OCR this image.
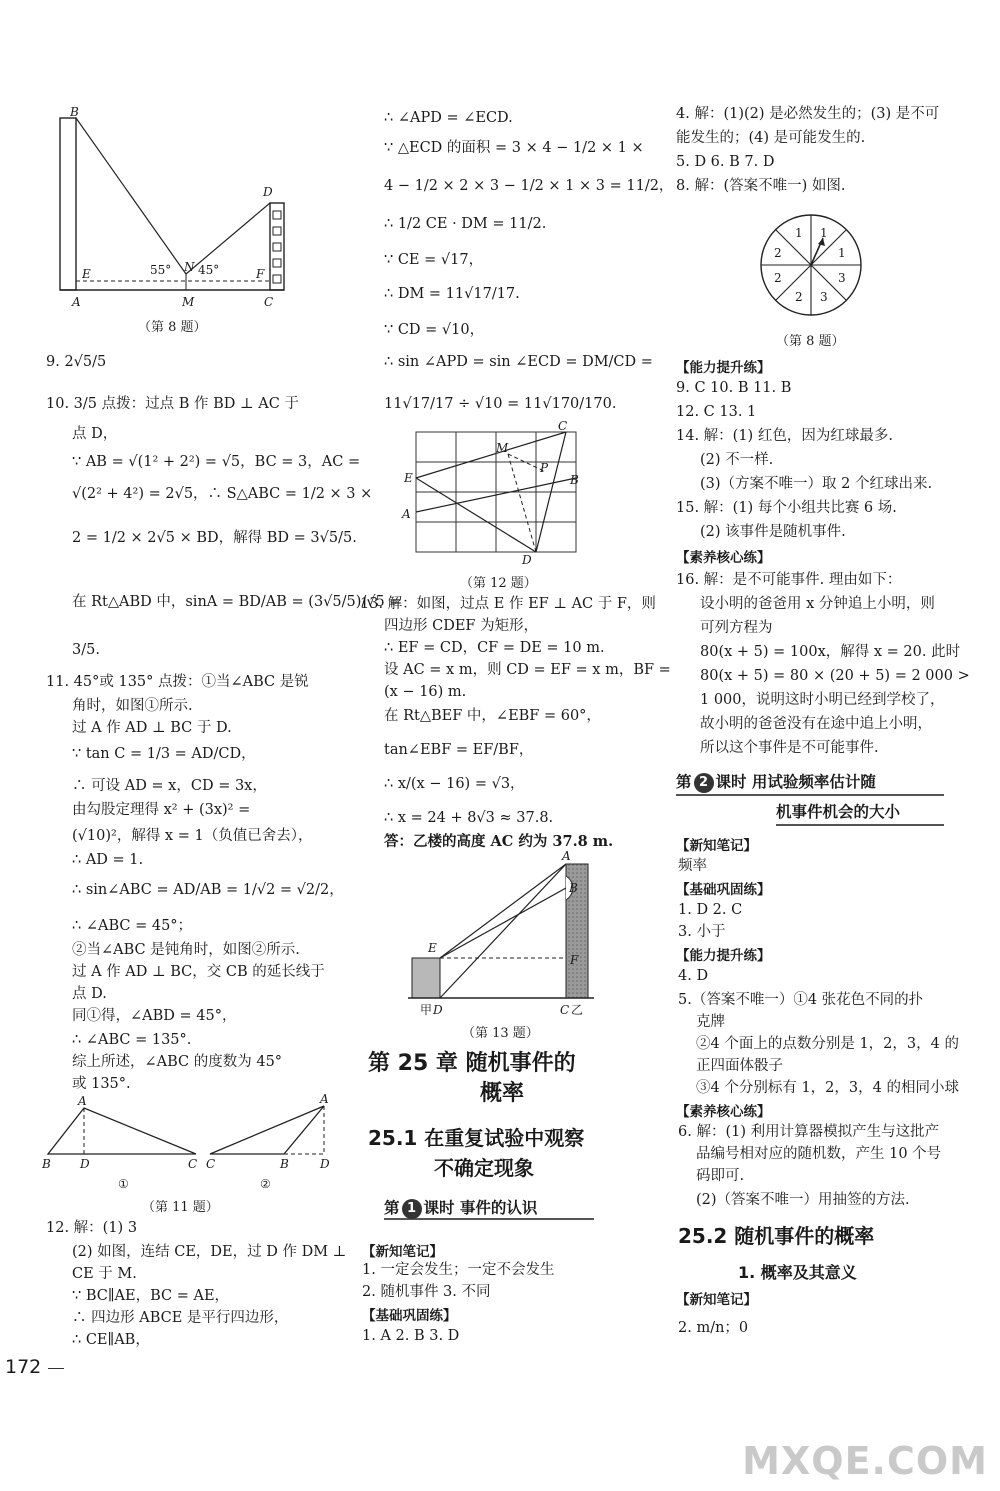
B
D
E	F
N
55° 45°
A	M	C
（第 8 题）
9. 2√5/5
10. 3/5 点拨：过点 B 作 BD ⊥ AC 于
点 D，
∵ AB = √(1² + 2²) = √5，BC = 3，AC =
√(2² + 4²) = 2√5，∴ S△ABC = 1/2 × 3 ×
2 = 1/2 × 2√5 × BD，解得 BD = 3√5/5.
在 Rt△ABD 中，sinA = BD/AB = (3√5/5)/√5 =
3/5.
11. 45°或 135° 点拨：①当∠ABC 是锐
角时，如图①所示.
过 A 作 AD ⊥ BC 于 D.
∵ tan C = 1/3 = AD/CD，
∴ 可设 AD = x，CD = 3x，
由勾股定理得 x² + (3x)² =
(√10)²，解得 x = 1（负值已舍去），
∴ AD = 1.
∴ sin∠ABC = AD/AB = 1/√2 = √2/2，
∴ ∠ABC = 45°；
②当∠ABC 是钝角时，如图②所示.
过 A 作 AD ⊥ BC，交 CB 的延长线于
点 D.
同①得，∠ABD = 45°，
∴ ∠ABC = 135°.
综上所述，∠ABC 的度数为 45°
或 135°.
A
B D	C
A
C	B	D
①	②
（第 11 题）
12. 解：(1) 3
(2) 如图，连结 CE，DE，过 D 作 DM ⊥
CE 于 M.
∵ BC∥AE，BC = AE，
∴ 四边形 ABCE 是平行四边形，
∴ CE∥AB，
172
∴ ∠APD = ∠ECD.
∵ △ECD 的面积 = 3 × 4 − 1/2 × 1 ×
4 − 1/2 × 2 × 3 − 1/2 × 1 × 3 = 11/2，
∴ 1/2 CE · DM = 11/2.
∵ CE = √17，
∴ DM = 11√17/17.
∵ CD = √10，
∴ sin ∠APD = sin ∠ECD = DM/CD =
11√17/17 ÷ √10 = 11√170/170.
C
E	B
A
M
P
D
（第 12 题）
13. 解：如图，过点 E 作 EF ⊥ AC 于 F，则
四边形 CDEF 为矩形，
∴ EF = CD，CF = DE = 10 m.
设 AC = x m，则 CD = EF = x m，BF =
(x − 16) m.
在 Rt△BEF 中，∠EBF = 60°，
tan∠EBF = EF/BF，
∴ x/(x − 16) = √3，
∴ x = 24 + 8√3 ≈ 37.8.
答：乙楼的高度 AC 约为 37.8 m.
A
B
E
F
甲 D	C 乙
（第 13 题）
第 25 章 随机事件的
概率
25.1 在重复试验中观察
不确定现象
第 1 课时 事件的认识
【新知笔记】
1. 一定会发生；一定不会发生
2. 随机事件 3. 不同
【基础巩固练】
1. A 2. B 3. D
4. 解：(1)(2) 是必然发生的；(3) 是不可
能发生的；(4) 是可能发生的.
5. D 6. B 7. D
8. 解：(答案不唯一) 如图.
1 1
1
2
3
3
2
2
（第 8 题）
【能力提升练】
9. C 10. B 11. B
12. C 13. 1
14. 解：(1) 红色，因为红球最多.
(2) 不一样.
(3)（方案不唯一）取 2 个红球出来.
15. 解：(1) 每个小组共比赛 6 场.
(2) 该事件是随机事件.
【素养核心练】
16. 解：是不可能事件. 理由如下：
设小明的爸爸用 x 分钟追上小明，则
可列方程为
80(x + 5) = 100x，解得 x = 20. 此时
80(x + 5) = 80 × (20 + 5) = 2 000 >
1 000，说明这时小明已经到学校了，
故小明的爸爸没有在途中追上小明，
所以这个事件是不可能事件.
第 2 课时 用试验频率估计随
机事件机会的大小
【新知笔记】
频率
【基础巩固练】
1. D 2. C
3. 小于
【能力提升练】
4. D
5.（答案不唯一）①4 张花色不同的扑
克牌
②4 个面上的点数分别是 1，2，3，4 的
正四面体骰子
③4 个分别标有 1，2，3，4 的相同小球
【素养核心练】
6. 解：(1) 利用计算器模拟产生与这批产
品编号相对应的随机数，产生 10 个号
码即可.
(2)（答案不唯一）用抽签的方法.
25.2 随机事件的概率
1. 概率及其意义
【新知笔记】
2. m/n；0
MXQE.COM
